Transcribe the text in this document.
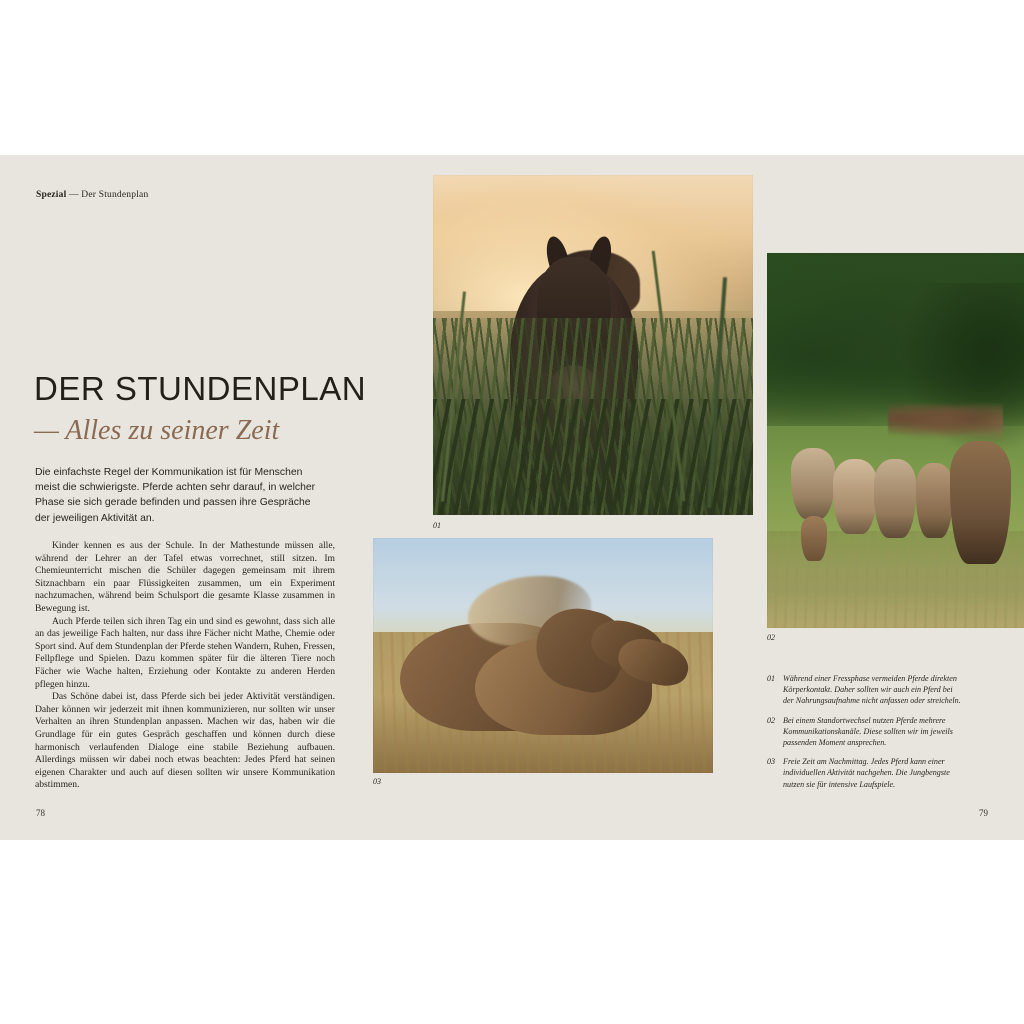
Spezial — Der Stundenplan
DER STUNDENPLAN
— Alles zu seiner Zeit
Die einfachste Regel der Kommunikation ist für Menschen meist die schwierigste. Pferde achten sehr darauf, in welcher Phase sie sich gerade befinden und passen ihre Gespräche der jeweiligen Aktivität an.

Kinder kennen es aus der Schule. In der Mathestunde müssen alle, während der Lehrer an der Tafel etwas vorrechnet, still sitzen. Im Chemieunterricht mischen die Schüler dagegen gemeinsam mit ihrem Sitznachbarn ein paar Flüssigkeiten zusammen, um ein Experiment nachzumachen, während beim Schulsport die gesamte Klasse zusammen in Bewegung ist.

Auch Pferde teilen sich ihren Tag ein und sind es gewohnt, dass sich alle an das jeweilige Fach halten, nur dass ihre Fächer nicht Mathe, Chemie oder Sport sind. Auf dem Stundenplan der Pferde stehen Wandern, Ruhen, Fressen, Fellpflege und Spielen. Dazu kommen später für die älteren Tiere noch Fächer wie Wache halten, Erziehung oder Kontakte zu anderen Herden pflegen hinzu.

Das Schöne dabei ist, dass Pferde sich bei jeder Aktivität verständigen. Daher können wir jederzeit mit ihnen kommunizieren, nur sollten wir unser Verhalten an ihren Stundenplan anpassen. Machen wir das, haben wir die Grundlage für ein gutes Gespräch geschaffen und können durch diese harmonisch verlaufenden Dialoge eine stabile Beziehung aufbauen. Allerdings müssen wir dabei noch etwas beachten: Jedes Pferd hat seinen eigenen Charakter und auch auf diesen sollten wir unsere Kommunikation abstimmen.

78
01
03
02
01 Während einer Fressphase vermeiden Pferde direkten Körperkontakt. Daher sollten wir auch ein Pferd bei der Nahrungsaufnahme nicht anfassen oder streicheln.
02 Bei einem Standortwechsel nutzen Pferde mehrere Kommunikationskanäle. Diese sollten wir im jeweils passenden Moment ansprechen.
03 Freie Zeit am Nachmittag. Jedes Pferd kann einer individuellen Aktivität nachgehen. Die Jungbengste nutzen sie für intensive Laufspiele.
79
